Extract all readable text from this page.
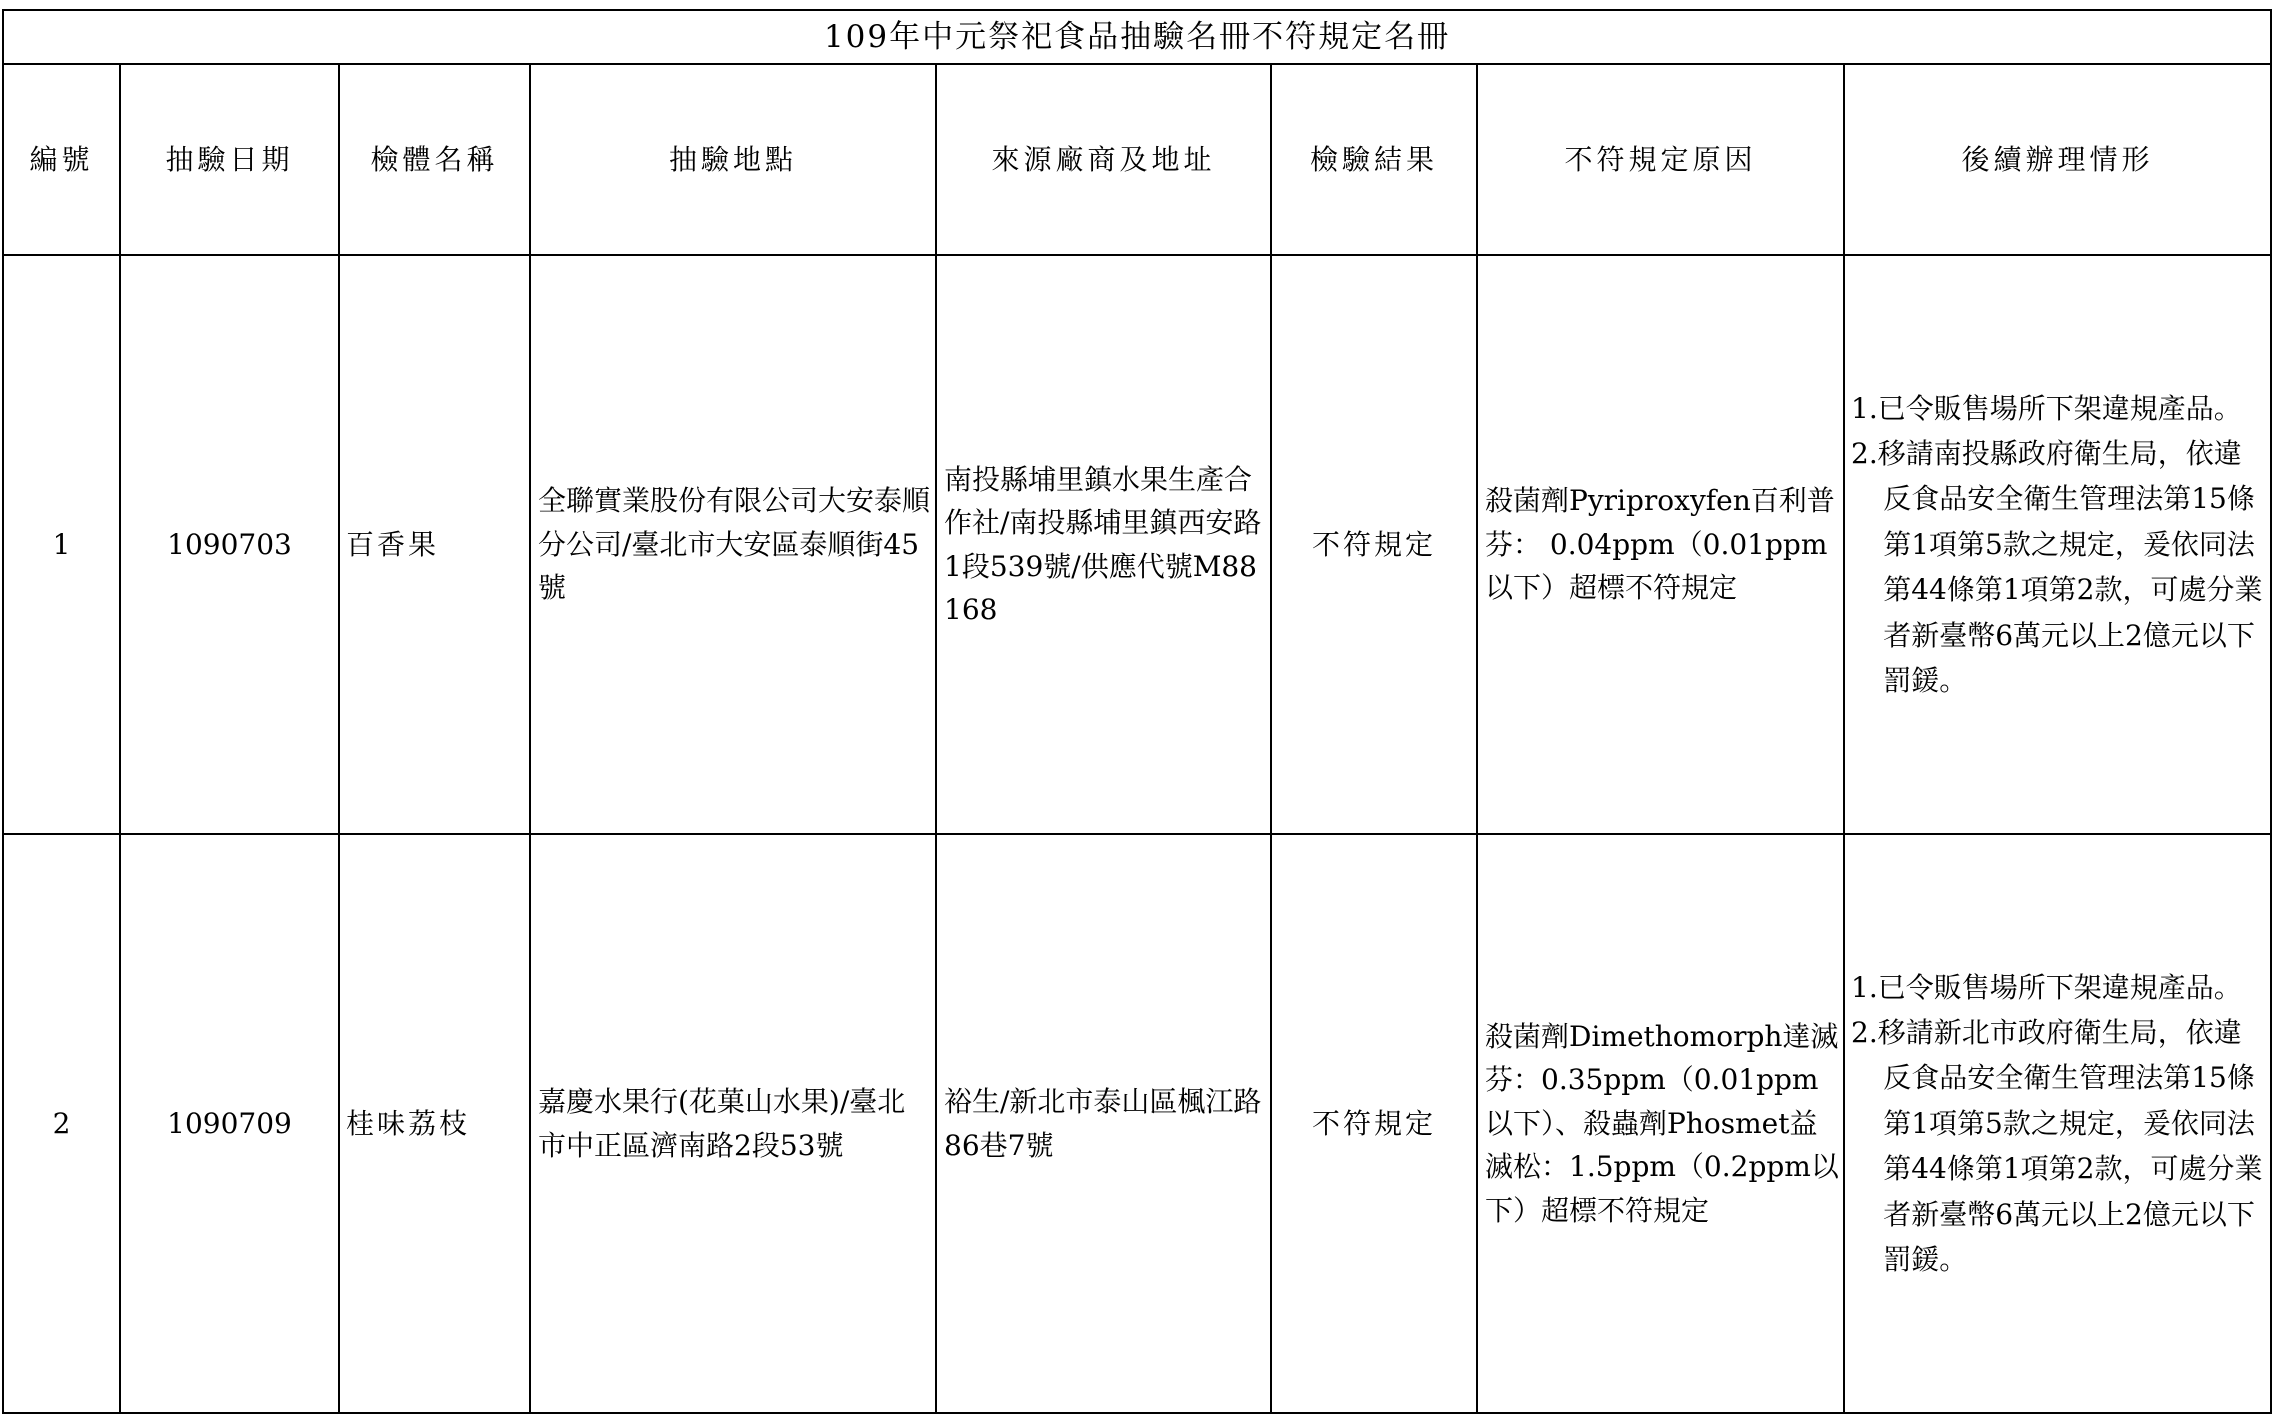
109年中元祭祀食品抽驗名冊不符規定名冊							
編號	抽驗日期	檢體名稱	抽驗地點	來源廠商及地址	檢驗結果	不符規定原因	後續辦理情形
1	1090703	百香果	全聯實業股份有限公司大安泰順分公司/臺北市大安區泰順街45號	南投縣埔里鎮水果生產合作社/南投縣埔里鎮西安路1段539號/供應代號M88168	不符規定	殺菌劑Pyriproxyfen百利普芬： 0.04ppm（0.01ppm以下）超標不符規定	1.已令販售場所下架違規產品。
2.移請南投縣政府衛生局，依違反食品安全衛生管理法第15條第1項第5款之規定，爰依同法第44條第1項第2款，可處分業者新臺幣6萬元以上2億元以下罰鍰。

2	1090709	桂味荔枝	嘉慶水果行(花菓山水果)/臺北市中正區濟南路2段53號	裕生/新北市泰山區楓江路86巷7號	不符規定	殺菌劑Dimethomorph達滅芬：0.35ppm（0.01ppm以下）、殺蟲劑Phosmet益滅松：1.5ppm（0.2ppm以下）超標不符規定	1.已令販售場所下架違規產品。
2.移請新北市政府衛生局，依違反食品安全衛生管理法第15條第1項第5款之規定，爰依同法第44條第1項第2款，可處分業者新臺幣6萬元以上2億元以下罰鍰。
